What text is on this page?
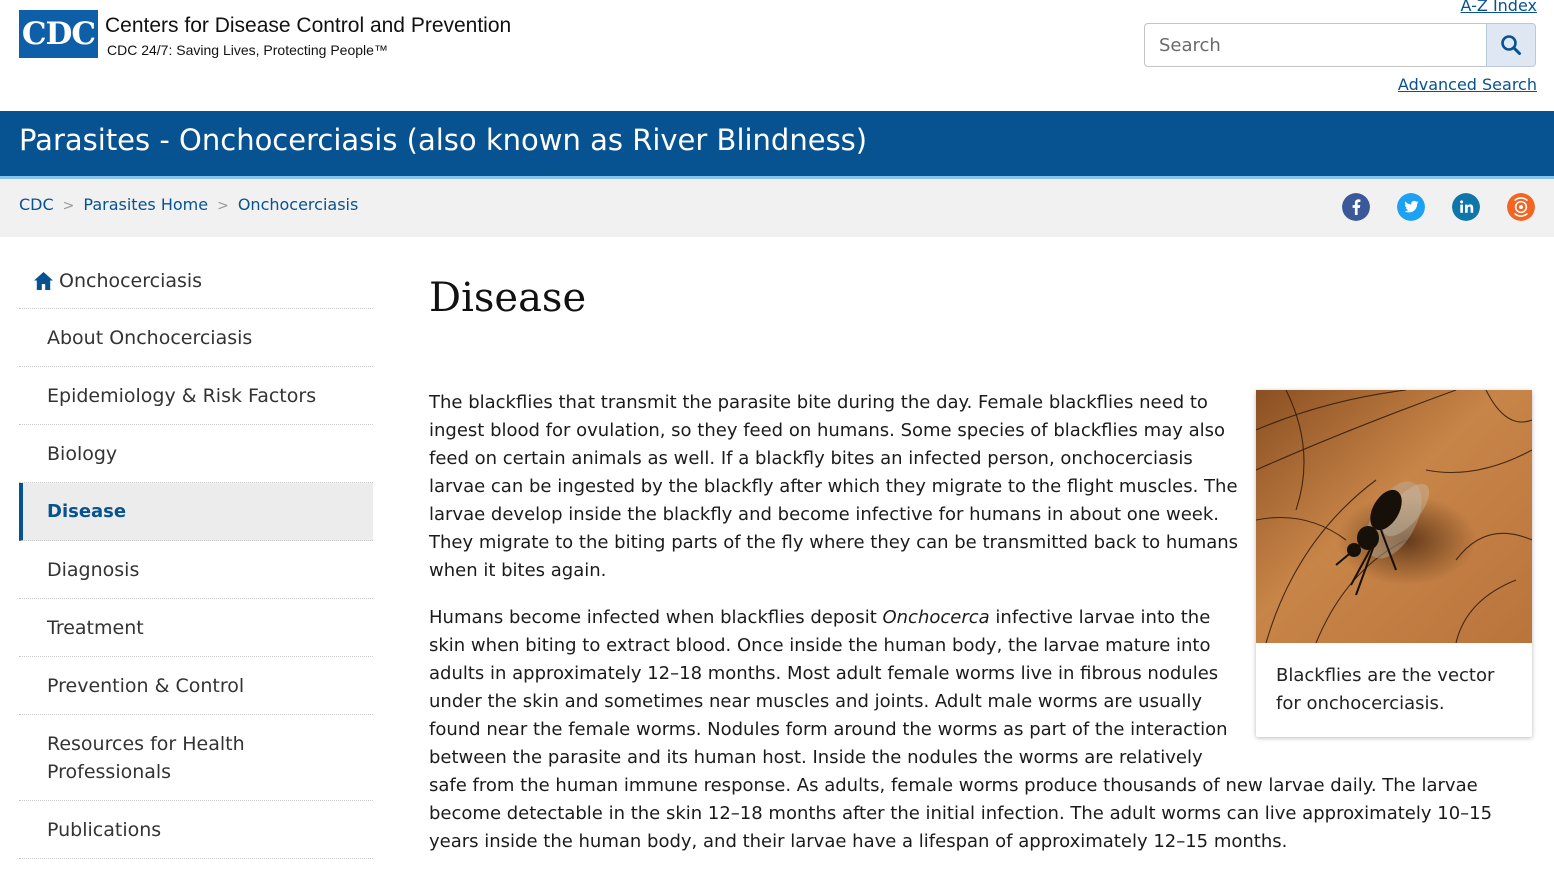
CDC Centers for Disease Control and Prevention
CDC 24/7: Saving Lives, Protecting People™
A-Z Index
Search
Advanced Search
Parasites - Onchocerciasis (also known as River Blindness)
CDC > Parasites Home > Onchocerciasis
Onchocerciasis
About Onchocerciasis
Epidemiology & Risk Factors
Biology
Disease
Diagnosis
Treatment
Prevention & Control
Resources for Health Professionals
Publications
Disease
Blackflies are the vector for onchocerciasis.

The blackflies that transmit the parasite bite during the day. Female blackflies need to ingest blood for ovulation, so they feed on humans. Some species of blackflies may also feed on certain animals as well. If a blackfly bites an infected person, onchocerciasis larvae can be ingested by the blackfly after which they migrate to the flight muscles. The larvae develop inside the blackfly and become infective for humans in about one week. They migrate to the biting parts of the fly where they can be transmitted back to humans when it bites again.

Humans become infected when blackflies deposit Onchocerca infective larvae into the skin when biting to extract blood. Once inside the human body, the larvae mature into adults in approximately 12–18 months. Most adult female worms live in fibrous nodules under the skin and sometimes near muscles and joints. Adult male worms are usually found near the female worms. Nodules form around the worms as part of the interaction between the parasite and its human host. Inside the nodules the worms are relatively safe from the human immune response. As adults, female worms produce thousands of new larvae daily. The larvae become detectable in the skin 12–18 months after the initial infection. The adult worms can live approximately 10–15 years inside the human body, and their larvae have a lifespan of approximately 12–15 months.
